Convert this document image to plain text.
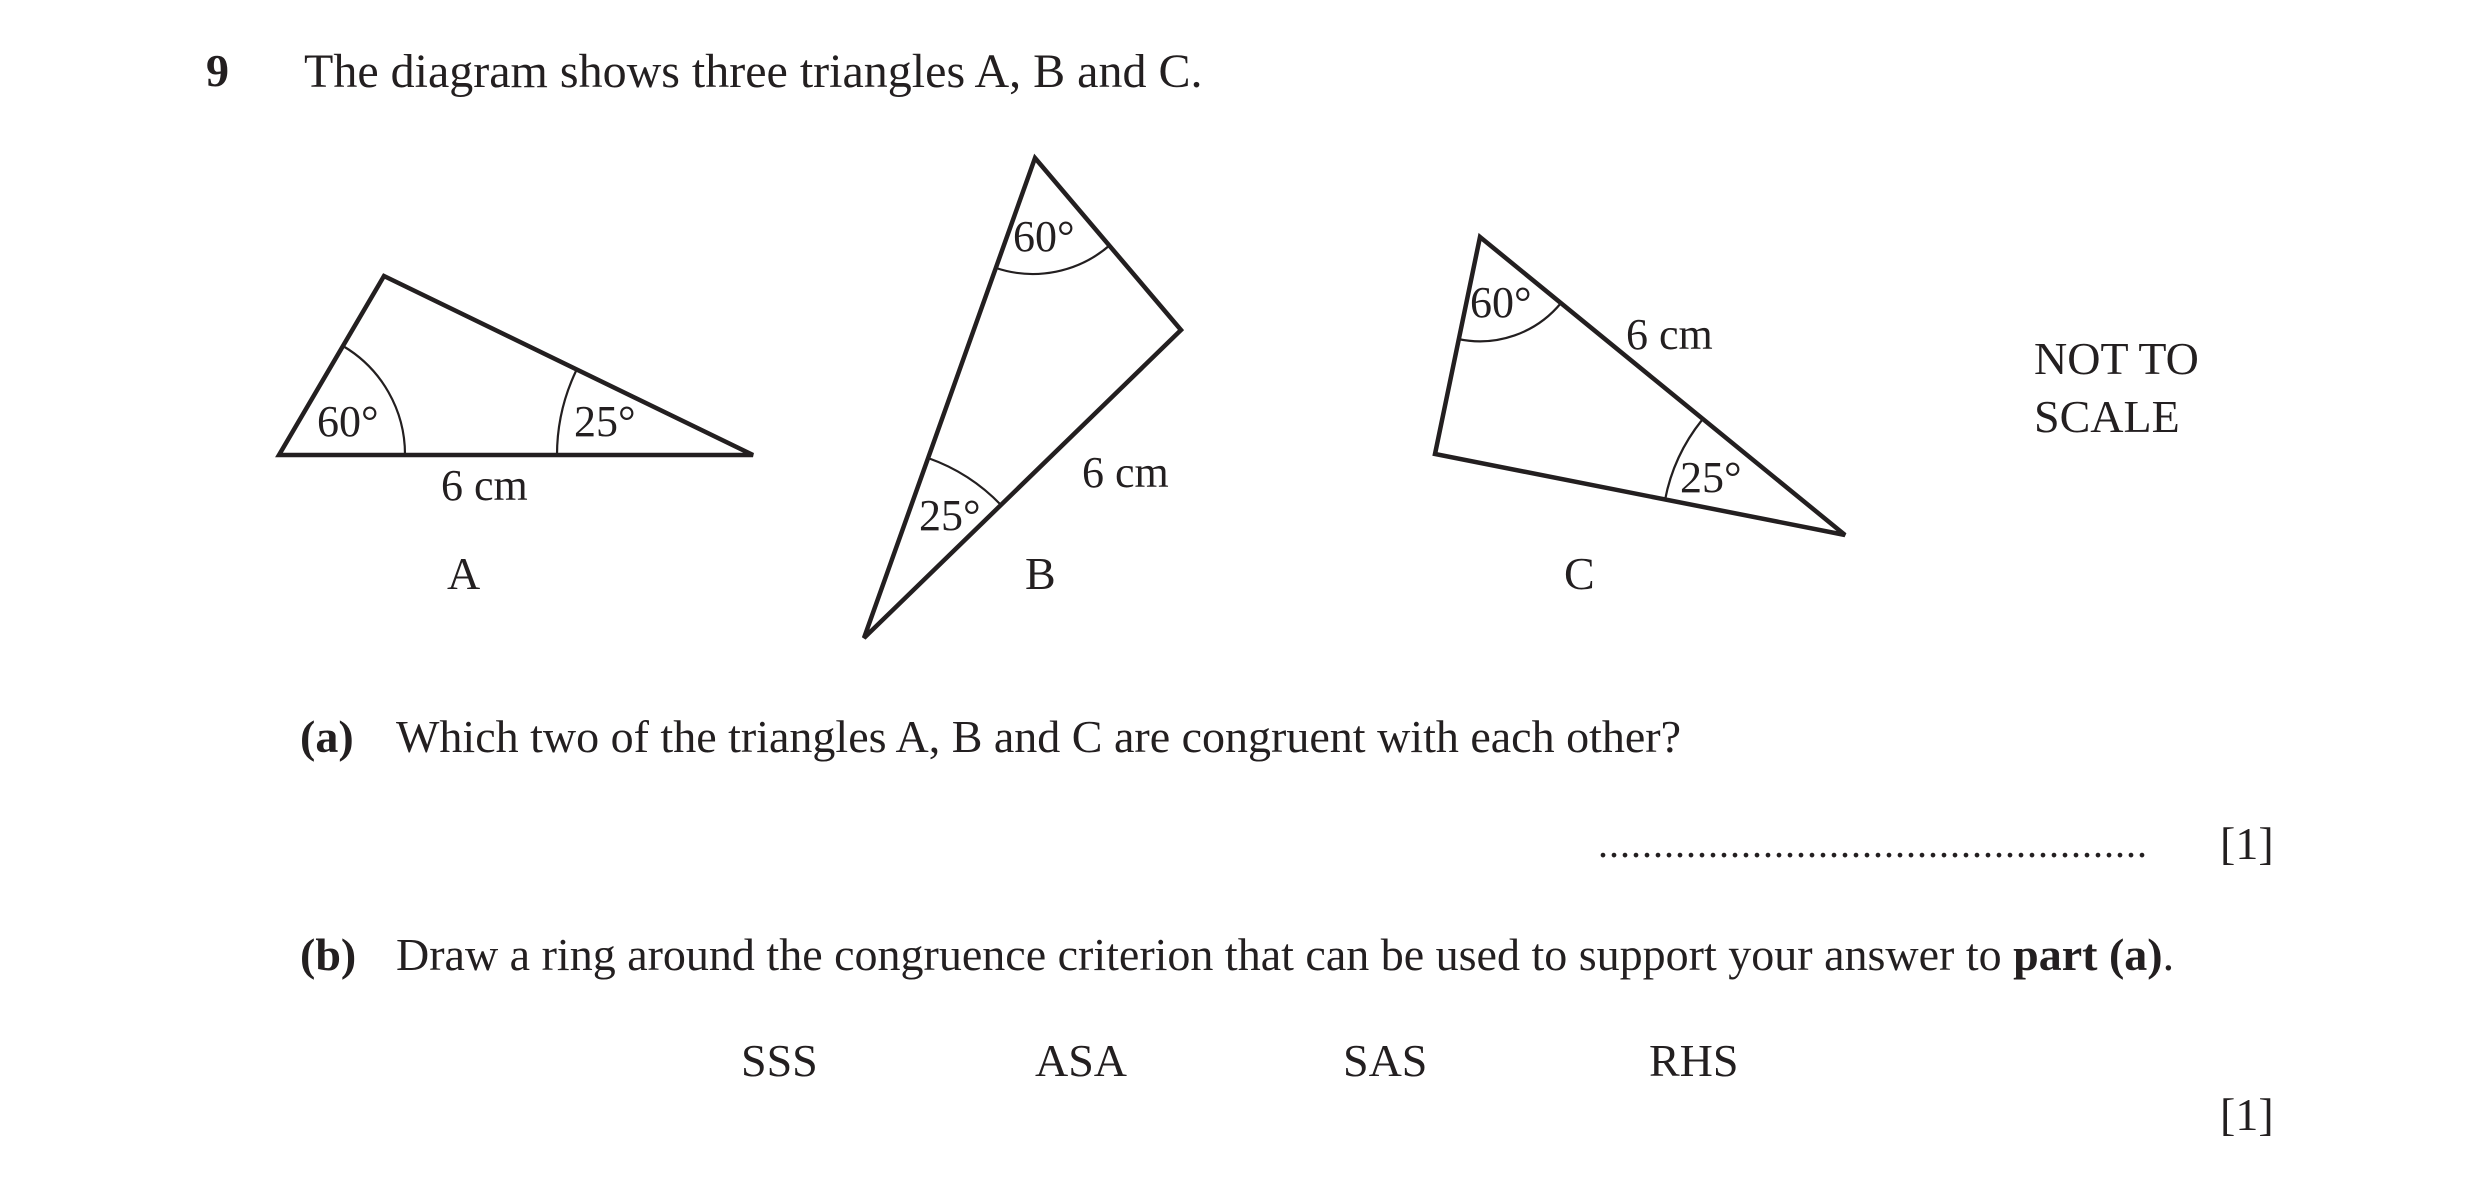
9 The diagram shows three triangles A, B and C.
60°	25°
6 cm
A
60°
25°
6 cm
B
60°
25°
6 cm
C
NOT TO
SCALE
(a) Which two of the triangles A, B and C are congruent with each other?
.................................................. [1]
(b) Draw a ring around the congruence criterion that can be used to support your answer to part (a).
SSS	ASA	SAS	RHS
[1]
